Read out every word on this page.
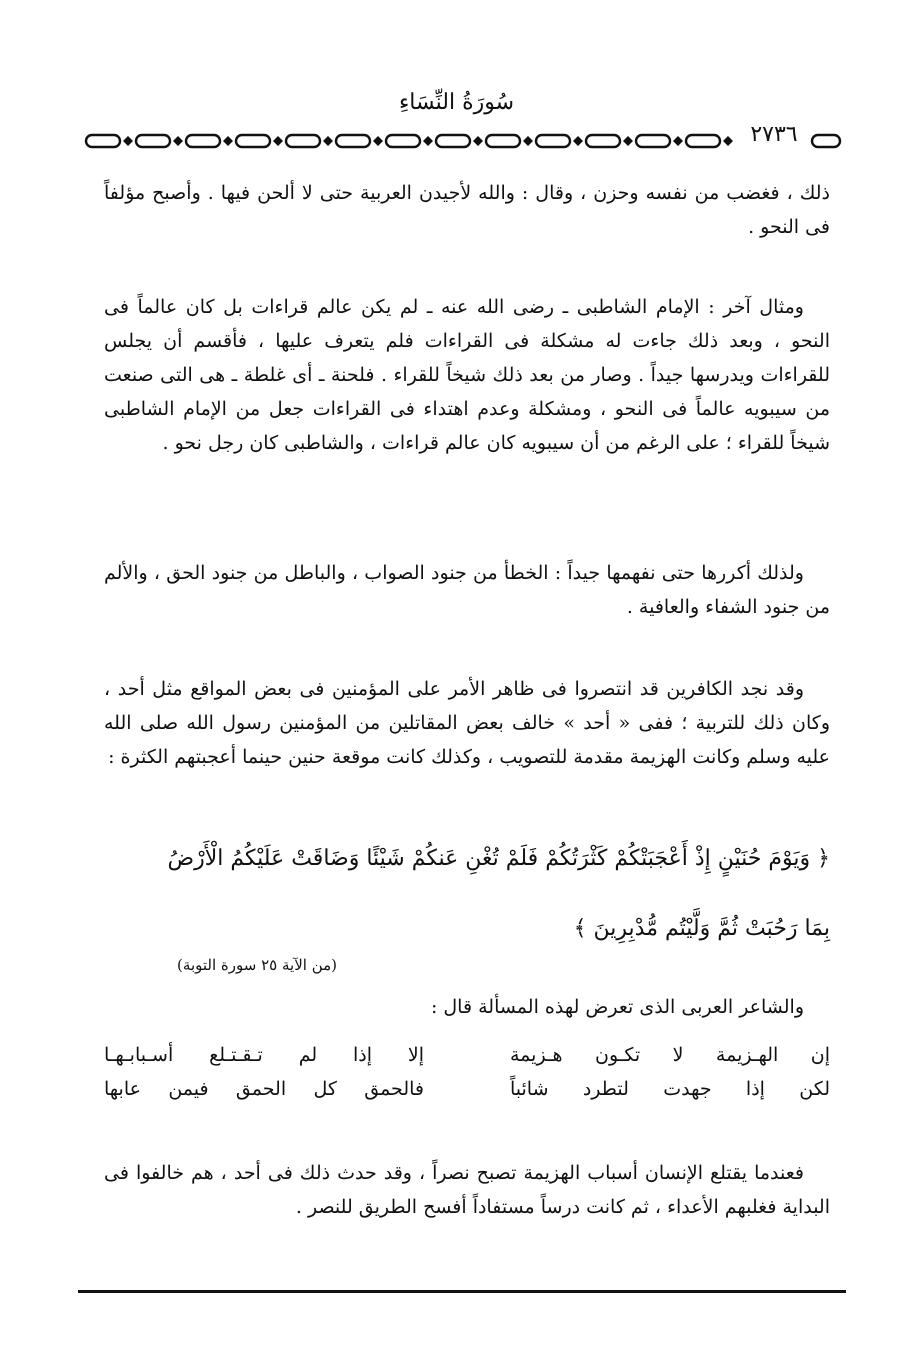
سُورَةُ النِّسَاءِ
٢٧٣٦

ذلك ، فغضب من نفسه وحزن ، وقال : والله لأجيدن العربية حتى لا ألحن فيها . وأصبح مؤلفاً فى النحو .

ومثال آخر : الإمام الشاطبى ـ رضى الله عنه ـ لم يكن عالم قراءات بل كان عالماً فى النحو ، وبعد ذلك جاءت له مشكلة فى القراءات فلم يتعرف عليها ، فأقسم أن يجلس للقراءات ويدرسها جيداً . وصار من بعد ذلك شيخاً للقراء . فلحنة ـ أى غلطة ـ هى التى صنعت من سيبويه عالماً فى النحو ، ومشكلة وعدم اهتداء فى القراءات جعل من الإمام الشاطبى شيخاً للقراء ؛ على الرغم من أن سيبويه كان عالم قراءات ، والشاطبى كان رجل نحو .

ولذلك أكررها حتى نفهمها جيداً : الخطأ من جنود الصواب ، والباطل من جنود الحق ، والألم من جنود الشفاء والعافية .

وقد نجد الكافرين قد انتصروا فى ظاهر الأمر على المؤمنين فى بعض المواقع مثل أحد ، وكان ذلك للتربية ؛ ففى « أحد » خالف بعض المقاتلين من المؤمنين رسول الله صلى الله عليه وسلم وكانت الهزيمة مقدمة للتصويب ، وكذلك كانت موقعة حنين حينما أعجبتهم الكثرة :

﴿ وَيَوْمَ حُنَيْنٍ إِذْ أَعْجَبَتْكُمْ كَثْرَتُكُمْ فَلَمْ تُغْنِ عَنكُمْ شَيْئًا وَضَاقَتْ عَلَيْكُمُ الْأَرْضُ
بِمَا رَحُبَتْ ثُمَّ وَلَّيْتُم مُّدْبِرِينَ ﴾
(من الآية ٢٥ سورة التوبة)
والشاعر العربى الذى تعرض لهذه المسألة قال :
إن الهـزيمة لا تكـون هـزيمة
إلا إذا لم تـقـتـلع أسـبابـهـا
لكن إذا جهدت لتطرد شائباً
فالحمق كل الحمق فيمن عابها

فعندما يقتلع الإنسان أسباب الهزيمة تصبح نصراً ، وقد حدث ذلك فى أحد ، هم خالفوا فى البداية فغلبهم الأعداء ، ثم كانت درساً مستفاداً أفسح الطريق للنصر .
